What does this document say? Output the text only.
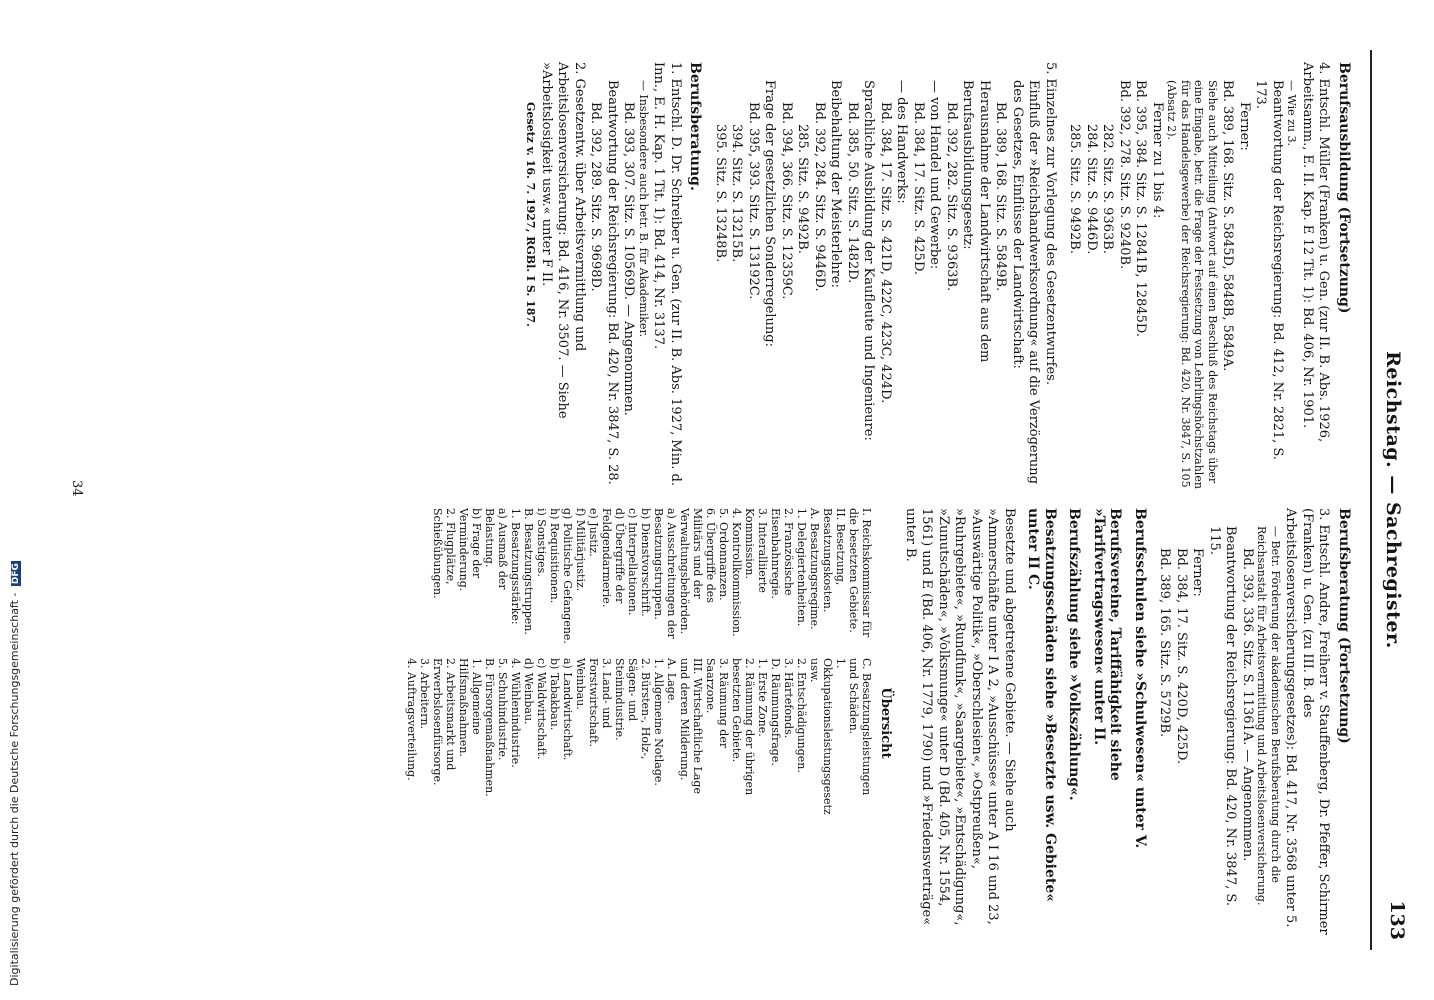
Reichstag. — Sachregister.
133
Berufsausbildung (Fortsetzung)
4. Entschl. Müller (Franken) u. Gen. (zur II. B. Abs. 1926, Arbeitsamm., E. II. Kap. E 12 Tit. 1): Bd. 406, Nr. 1901.
— Wie zu 3.
Beantwortung der Reichsregierung: Bd. 412, Nr. 2821, S. 173.
Ferner:
Bd. 389, 168. Sitz. S. 5845D, 5848B, 5849A.
Siehe auch Mitteilung (Antwort auf einen Beschluß des Reichstags über eine Eingabe, betr. die Frage der Festsetzung von Lehrlingshöchstzahlen für das Handelsgewerbe) der Reichsregierung: Bd. 420, Nr. 3847, S. 105 (Absatz 2).
Ferner zu 1 bis 4:
Bd. 395, 384. Sitz. S. 12841B, 12845D.
Bd. 392, 278. Sitz. S. 9240B.
282. Sitz. S. 9363B.
284. Sitz. S. 9446D.
285. Sitz. S. 9492B.
5. Einzelnes zur Vorlegung des Gesetzentwurfes.
Einfluß der »Reichshandwerksordnung« auf die Verzögerung des Gesetzes, Einflüsse der Landwirtschaft:
Bd. 389, 168. Sitz. S. 5849B.
Herausnahme der Landwirtschaft aus dem Berufsausbildungsgesetz:
Bd. 392, 282. Sitz. S. 9363B.
— von Handel und Gewerbe:
Bd. 384, 17. Sitz. S. 425D.
— des Handwerks:
Bd. 384, 17. Sitz. S. 421D, 422C, 423C, 424D.
Sprachliche Ausbildung der Kaufleute und Ingenieure:
Bd. 385, 50. Sitz. S. 1482D.
Beibehaltung der Meisterlehre:
Bd. 392, 284. Sitz. S. 9446D.
285. Sitz. S. 9492B.
Bd. 394, 366. Sitz. S. 12359C.
Frage der gesetzlichen Sonderregelung:
Bd. 395, 393. Sitz. S. 13192C.
394. Sitz. S. 13215B.
395. Sitz. S. 13248B.
Berufsberatung.
1. Entschl. D. Dr. Schreiber u. Gen. (zur II. B. Abs. 1927, Min. d. Inn., E. H. Kap. 1 Tit. 1): Bd. 414, Nr. 3137.
— Insbesondere auch betr. B. für Akademiker.
Bd. 393, 307. Sitz. S. 10569D. — Angenommen.
Beantwortung der Reichsregierung: Bd. 420, Nr. 3847, S. 28.
Bd. 392, 289. Sitz. S. 9698D.
2. Gesetzentw. über Arbeitsvermittlung und Arbeitslosenversicherung: Bd. 416, Nr. 3507. — Siehe »Arbeitslosigkeit usw.« unter F II.
Gesetz v. 16. 7. 1927, RGBl. I S. 187.
Berufsberatung (Fortsetzung)
3. Entschl. Andre, Freiherr v. Stauffenberg, Dr. Pfeffer, Schirmer (Franken) u. Gen. (zu III. B. des Arbeitslosenversicherungsgesetzes): Bd. 417, Nr. 3568 unter 5.
— Betr. Förderung der akademischen Berufsberatung durch die Reichsanstalt für Arbeitsvermittlung und Arbeitslosenversicherung.
Bd. 393, 336. Sitz. S. 11361A. — Angenommen.
Beantwortung der Reichsregierung: Bd. 420, Nr. 3847, S. 115.
Ferner:
Bd. 384, 17. Sitz. S. 420D, 425D.
Bd. 389, 165. Sitz. S. 5729B.
Berufsschulen siehe »Schulwesen« unter V.
Berufsvereine, Tariffähigkeit siehe »Tarifvertragswesen« unter II.
Berufszählung siehe »Volkszählung«.
Besatzungsschäden siehe »Besetzte usw. Gebiete« unter II C.
Besetzte und abgetretene Gebiete. — Siehe auch »Ammerschäfte unter I A 2, »Ausschüsse« unter A I 16 und 23, »Auswärtige Politik«, »Oberschlesien«, »Ostpreußen«, »Ruhrgebiete«, »Rundfunk«, »Saargebiete«, »Entschädigung«, »Zunutschäden«, »Volksmunge« unter D (Bd. 405, Nr. 1554, 1561) und E (Bd. 406, Nr. 1779, 1790) und »Friedensverträge« unter B.
Übersicht
I. Reichskommissar für die besetzten Gebiete.
II. Besetzung, Besatzungskosten.
A. Besatzungsregime.
1. Delegiertenheiten.
2. Französische Eisenbahnregie.
3. Interalliierte Kommission.
4. Kontrollkommission.
5. Ordonnanzen.
6. Übergriffe des Militärs und der Verwaltungsbehörden.
a) Ausschreitungen der Besatzungstruppen.
b) Dienstvorschrift.
c) Interpellationen.
d) Übergriffe der Feldgendarmerie.
e) Justiz.
f) Militärjustiz.
g) Politische Gefangene.
h) Requisitionen.
i) Sonstiges.
B. Besatzungstruppen.
1. Besatzungsstärke:
a) Ausmaß der Belastung.
b) Frage der Verminderung.
2. Flugplätze, Schießübungen.
C. Besatzungsleistungen und Schäden.
1. Okkupationsleistungsgesetz usw.
2. Entschädigungen.
3. Härtefonds.
D. Räumungsfrage.
1. Erste Zone.
2. Räumung der übrigen besetzten Gebiete.
3. Räumung der Saarzone.
III. Wirtschaftliche Lage und deren Milderung.
A. Lage.
1. Allgemeine Notlage.
2. Bürsten-, Holz-, Sägen- und Steinindustrie.
3. Land- und Forstwirtschaft. Weinbau.
a) Landwirtschaft.
b) Tabakbau.
c) Waldwirtschaft.
d) Weinbau.
4. Wühlenindustrie.
5. Schuhindustrie.
B. Fürsorgemaßnahmen.
1. Allgemeine Hilfsmaßnahmen.
2. Arbeitsmarkt und Erwerbslosenfürsorge.
3. Arbeitern.
4. Auftragsverteilung.
34
Digitalisierung gefördert durch die Deutsche Forschungsgemeinschaft - DFG
